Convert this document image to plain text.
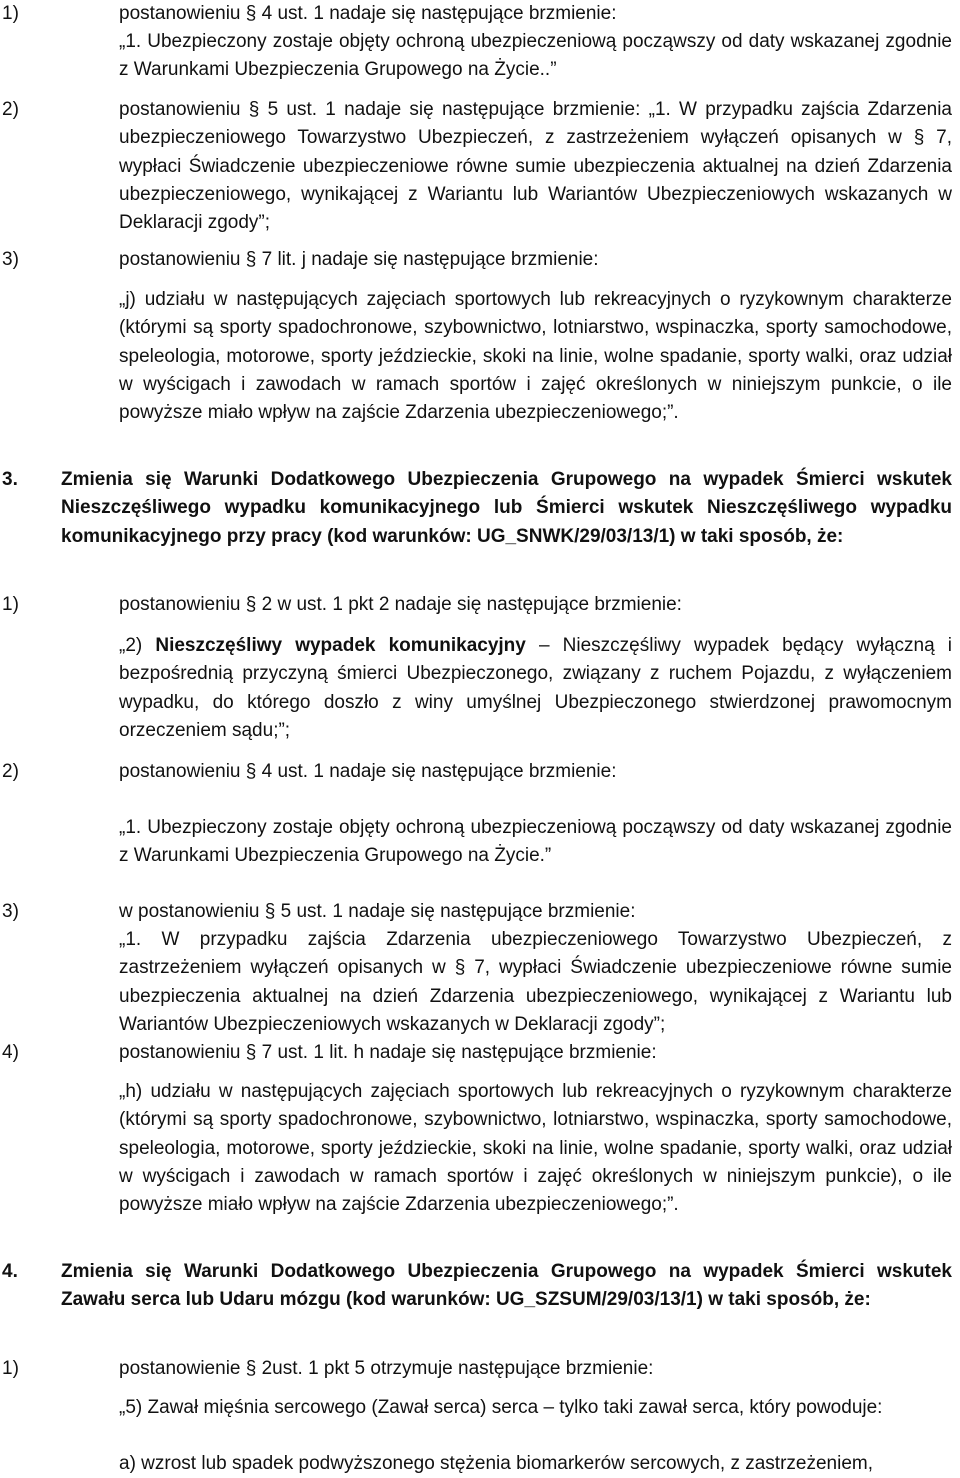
1)	postanowieniu § 4 ust. 1 nadaje się następujące brzmienie:
„1. Ubezpieczony zostaje objęty ochroną ubezpieczeniową począwszy od daty wskazanej zgodnie z Warunkami Ubezpieczenia Grupowego na Życie..”
2)	postanowieniu § 5 ust. 1 nadaje się następujące brzmienie: „1. W przypadku zajścia Zdarzenia ubezpieczeniowego Towarzystwo Ubezpieczeń, z zastrzeżeniem wyłączeń opisanych w § 7, wypłaci Świadczenie ubezpieczeniowe równe sumie ubezpieczenia aktualnej na dzień Zdarzenia ubezpieczeniowego, wynikającej z Wariantu lub Wariantów Ubezpieczeniowych wskazanych w Deklaracji zgody”;
3)	postanowieniu § 7 lit. j nadaje się następujące brzmienie:
„j) udziału w następujących zajęciach sportowych lub rekreacyjnych o ryzykownym charakterze (którymi są sporty spadochronowe, szybownictwo, lotniarstwo, wspinaczka, sporty samochodowe, speleologia, motorowe, sporty jeździeckie, skoki na linie, wolne spadanie, sporty walki, oraz udział w wyścigach i zawodach w ramach sportów i zajęć określonych w niniejszym punkcie, o ile powyższe miało wpływ na zajście Zdarzenia ubezpieczeniowego;”.
3. Zmienia się Warunki Dodatkowego Ubezpieczenia Grupowego na wypadek Śmierci wskutek Nieszczęśliwego wypadku komunikacyjnego lub Śmierci wskutek Nieszczęśliwego wypadku komunikacyjnego przy pracy (kod warunków: UG_SNWK/29/03/13/1) w taki sposób, że:
1)	postanowieniu § 2 w ust. 1 pkt 2 nadaje się następujące brzmienie:
„2) Nieszczęśliwy wypadek komunikacyjny – Nieszczęśliwy wypadek będący wyłączną i bezpośrednią przyczyną śmierci Ubezpieczonego, związany z ruchem Pojazdu, z wyłączeniem wypadku, do którego doszło z winy umyślnej Ubezpieczonego stwierdzonej prawomocnym orzeczeniem sądu;”;
2)	postanowieniu § 4 ust. 1 nadaje się następujące brzmienie:
„1. Ubezpieczony zostaje objęty ochroną ubezpieczeniową począwszy od daty wskazanej zgodnie z Warunkami Ubezpieczenia Grupowego na Życie.”
3)	w postanowieniu § 5 ust. 1 nadaje się następujące brzmienie:
„1. W przypadku zajścia Zdarzenia ubezpieczeniowego Towarzystwo Ubezpieczeń, z zastrzeżeniem wyłączeń opisanych w § 7, wypłaci Świadczenie ubezpieczeniowe równe sumie ubezpieczenia aktualnej na dzień Zdarzenia ubezpieczeniowego, wynikającej z Wariantu lub Wariantów Ubezpieczeniowych wskazanych w Deklaracji zgody”;
4)	postanowieniu § 7 ust. 1 lit. h nadaje się następujące brzmienie:
„h) udziału w następujących zajęciach sportowych lub rekreacyjnych o ryzykownym charakterze (którymi są sporty spadochronowe, szybownictwo, lotniarstwo, wspinaczka, sporty samochodowe, speleologia, motorowe, sporty jeździeckie, skoki na linie, wolne spadanie, sporty walki, oraz udział w wyścigach i zawodach w ramach sportów i zajęć określonych w niniejszym punkcie), o ile powyższe miało wpływ na zajście Zdarzenia ubezpieczeniowego;”.
4. Zmienia się Warunki Dodatkowego Ubezpieczenia Grupowego na wypadek Śmierci wskutek Zawału serca lub Udaru mózgu (kod warunków: UG_SZSUM/29/03/13/1) w taki sposób, że:
1)	postanowienie § 2ust. 1 pkt 5 otrzymuje następujące brzmienie:
„5) Zawał mięśnia sercowego (Zawał serca) serca – tylko taki zawał serca, który powoduje:
a) wzrost lub spadek podwyższonego stężenia biomarkerów sercowych, z zastrzeżeniem,
